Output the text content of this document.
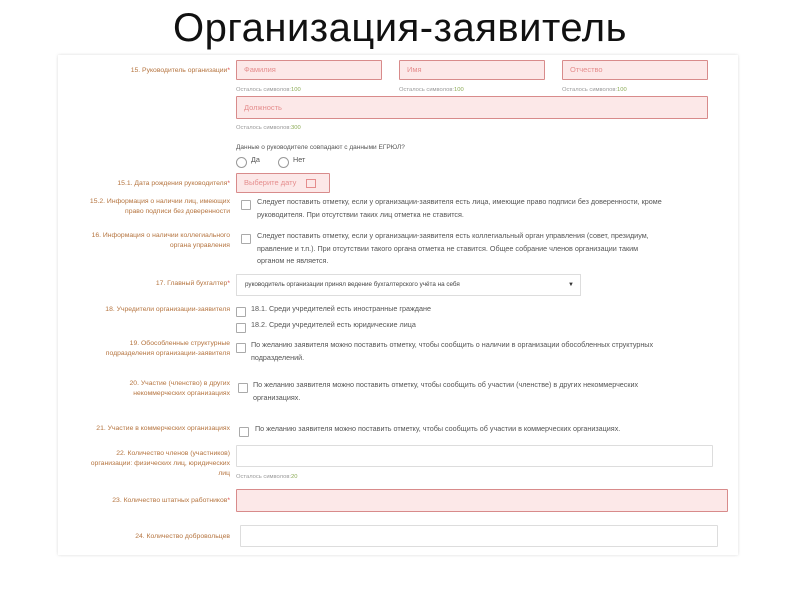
Организация-заявитель
15. Руководитель организации*	Фамилия	Имя	Отчество
Осталось символов:100	Осталось символов:100	Осталось символов:100
Должность
Осталось символов:300
Данные о руководителе совпадают с данными ЕГРЮЛ?
Да	Нет
15.1. Дата рождения руководителя*	Выберите дату
15.2. Информация о наличии лиц, имеющих
право подписи без доверенности
Следует поставить отметку, если у организации-заявителя есть лица, имеющие право подписи без доверенности, кроме
руководителя. При отсутствии таких лиц отметка не ставится.
16. Информация о наличии коллегиального
органа управления
Следует поставить отметку, если у организации-заявителя есть коллегиальный орган управления (совет, президиум,
правление и т.п.). При отсутствии такого органа отметка не ставится. Общее собрание членов организации таким
органом не является.
17. Главный бухгалтер*	руководитель организации принял ведение бухгалтерского учёта на себя	▼
18. Учредители организации-заявителя	18.1. Среди учредителей есть иностранные граждане
18.2. Среди учредителей есть юридические лица
19. Обособленные структурные
подразделения организации-заявителя
По желанию заявителя можно поставить отметку, чтобы сообщить о наличии в организации обособленных структурных
подразделений.
20. Участие (членство) в других
некоммерческих организациях
По желанию заявителя можно поставить отметку, чтобы сообщить об участии (членстве) в других некоммерческих
организациях.
21. Участие в коммерческих организациях	По желанию заявителя можно поставить отметку, чтобы сообщить об участии в коммерческих организациях.
22. Количество членов (участников)
организации: физических лиц, юридических
лиц
Осталось символов:20
23. Количество штатных работников*
24. Количество добровольцев
